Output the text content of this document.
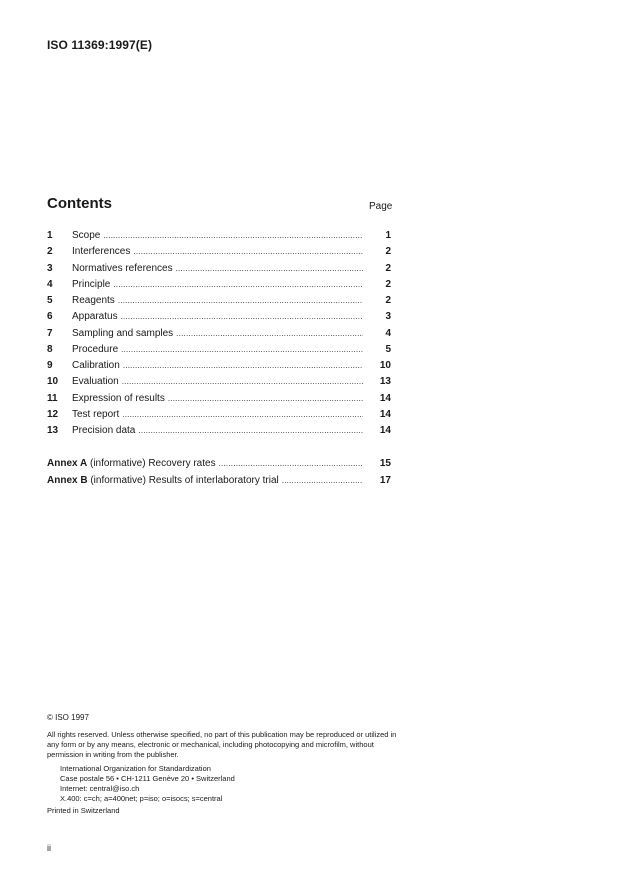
ISO 11369:1997(E)
Contents	Page
1	Scope . . .	1
2	Interferences . . .	2
3	Normatives references . . .	2
4	Principle . . .	2
5	Reagents . . .	2
6	Apparatus . . .	3
7	Sampling and samples . . .	4
8	Procedure . . .	5
9	Calibration . . .	10
10	Evaluation . . .	13
11	Expression of results . . .	14
12	Test report . . .	14
13	Precision data . . .	14
Annex A (informative) Recovery rates . . .	15
Annex B (informative) Results of interlaboratory trial . . .	17

© ISO 1997

All rights reserved. Unless otherwise specified, no part of this publication may be reproduced or utilized in any form or by any means, electronic or mechanical, including photocopying and microfilm, without permission in writing from the publisher.

International Organization for Standardization

Case postale 56 • CH-1211 Genève 20 • Switzerland

Internet: central@iso.ch

X.400: c=ch; a=400net; p=iso; o=isocs; s=central

Printed in Switzerland

ii
